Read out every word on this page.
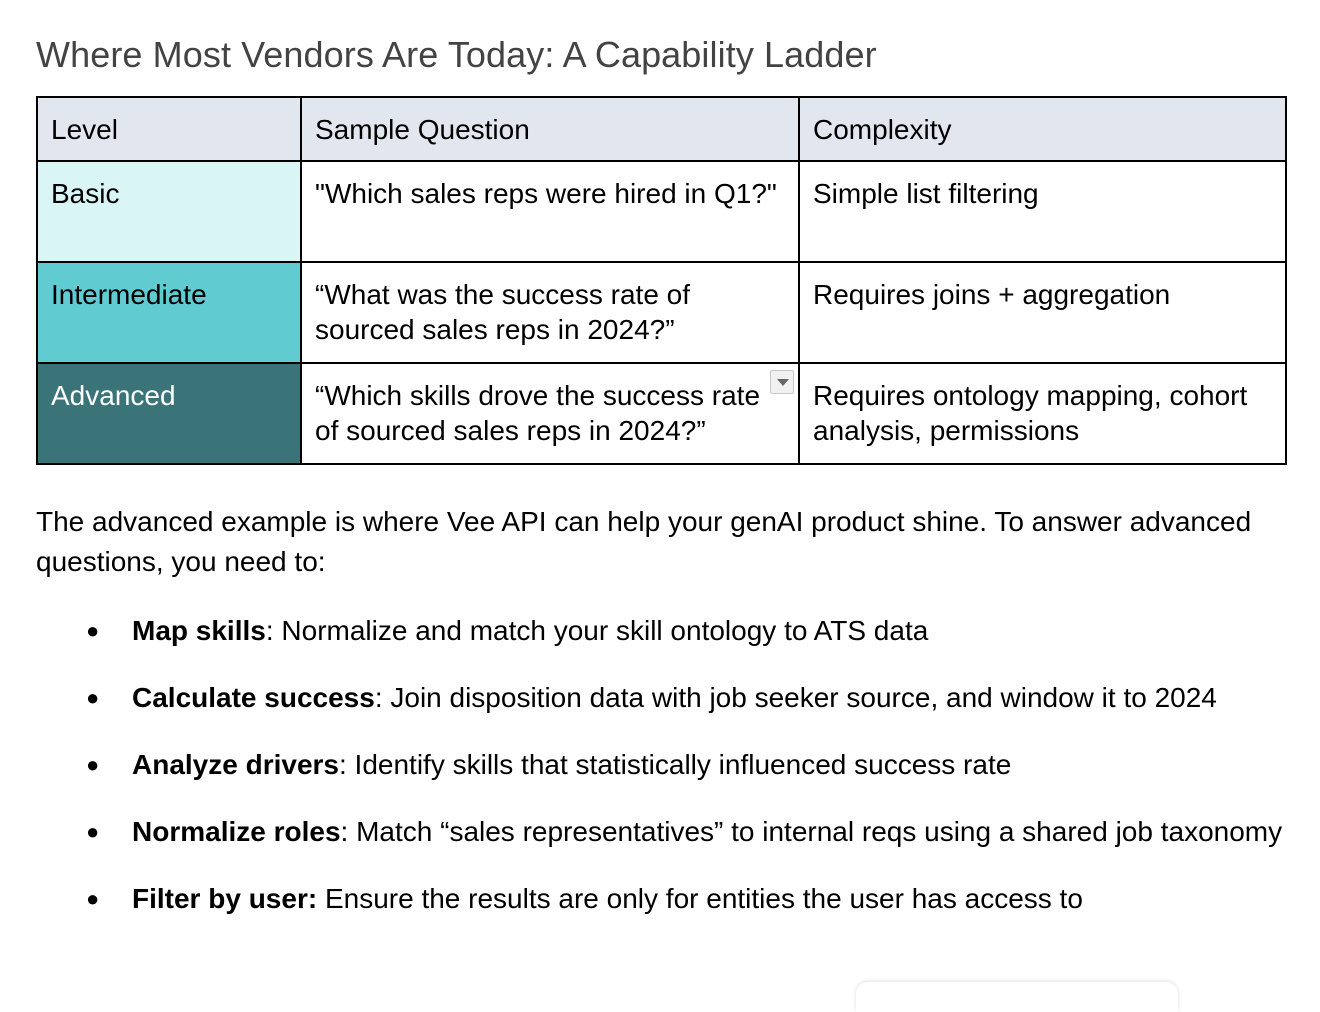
Where Most Vendors Are Today: A Capability Ladder
Level	Sample Question	Complexity
Basic	"Which sales reps were hired in Q1?"	Simple list filtering
Intermediate	“What was the success rate of sourced sales reps in 2024?”	Requires joins + aggregation
Advanced	“Which skills drove the success rate of sourced sales reps in 2024?”	Requires ontology mapping, cohort analysis, permissions

The advanced example is where Vee API can help your genAI product shine. To answer advanced questions, you need to:

● Map skills: Normalize and match your skill ontology to ATS data
● Calculate success: Join disposition data with job seeker source, and window it to 2024
● Analyze drivers: Identify skills that statistically influenced success rate
● Normalize roles: Match “sales representatives” to internal reqs using a shared job taxonomy
● Filter by user: Ensure the results are only for entities the user has access to
